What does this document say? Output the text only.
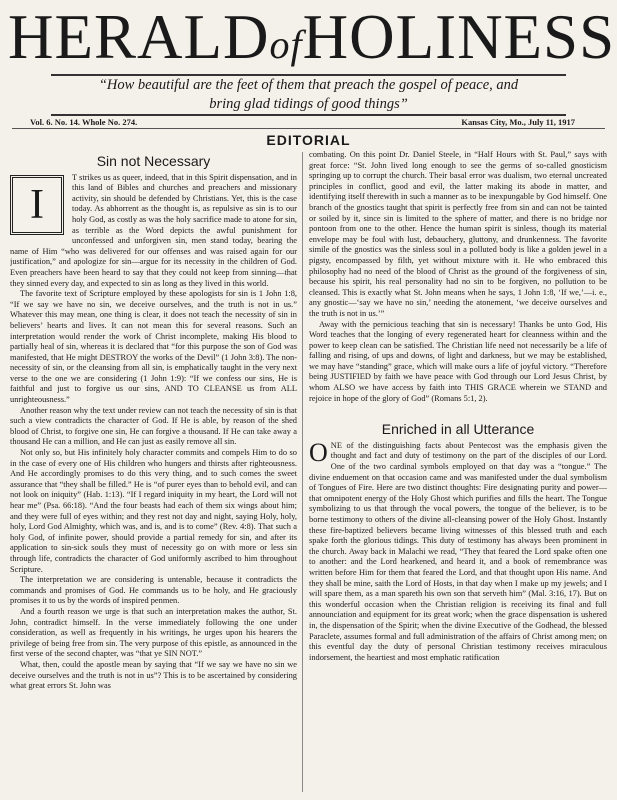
HERALDofHOLINESS
“How beautiful are the feet of them that preach the gospel of peace, and
bring glad tidings of good things”
Vol. 6. No. 14. Whole No. 274.	Kansas City, Mo., July 11, 1917
EDITORIAL
Sin not Necessary

I
T strikes us as queer, indeed, that in this Spirit dispensation, and in this land of Bibles and churches and preachers and missionary activity, sin should be defended by Christians. Yet, this is the case today. As abhorrent as the thought is, as repulsive as sin is to our holy God, as costly as was the holy sacrifice made to atone for sin, as terrible as the Word depicts the awful punishment for unconfessed and unforgiven sin, men stand today, bearing the name of Him “who was delivered for our offenses and was raised again for our justification,” and apologize for sin—argue for its necessity in the children of God. Even preachers have been heard to say that they could not keep from sinning—that they sinned every day, and expected to sin as long as they lived in this world.

The favorite text of Scripture employed by these apologists for sin is 1 John 1:8, “If we say we have no sin, we deceive ourselves, and the truth is not in us.” Whatever this may mean, one thing is clear, it does not teach the necessity of sin in believers’ hearts and lives. It can not mean this for several reasons. Such an interpretation would render the work of Christ incomplete, making His blood to partially heal of sin, whereas it is declared that “for this purpose the son of God was manifested, that He might DESTROY the works of the Devil” (1 John 3:8). The non-necessity of sin, or the cleansing from all sin, is emphatically taught in the very next verse to the one we are considering (1 John 1:9): “If we confess our sins, He is faithful and just to forgive us our sins, AND TO CLEANSE us from ALL unrighteousness.”

Another reason why the text under review can not teach the necessity of sin is that such a view contradicts the character of God. If He is able, by reason of the shed blood of Christ, to forgive one sin, He can forgive a thousand. If He can take away a thousand He can a million, and He can just as easily remove all sin.

Not only so, but His infinitely holy character commits and compels Him to do so in the case of every one of His children who hungers and thirsts after righteousness. And He accordingly promises to do this very thing, and to such comes the sweet assurance that “they shall be filled.” He is “of purer eyes than to behold evil, and can not look on iniquity” (Hab. 1:13). “If I regard iniquity in my heart, the Lord will not hear me” (Psa. 66:18). “And the four beasts had each of them six wings about him; and they were full of eyes within; and they rest not day and night, saying Holy, holy, holy, Lord God Almighty, which was, and is, and is to come” (Rev. 4:8). That such a holy God, of infinite power, should provide a partial remedy for sin, and after its application to sin-sick souls they must of necessity go on with more or less sin through life, contradicts the character of God uniformly ascribed to him throughout Scripture.

The interpretation we are considering is untenable, because it contradicts the commands and promises of God. He commands us to be holy, and He graciously promises it to us by the words of inspired penmen.

And a fourth reason we urge is that such an interpretation makes the author, St. John, contradict himself. In the verse immediately following the one under consideration, as well as frequently in his writings, he urges upon his hearers the privilege of being free from sin. The very purpose of this epistle, as announced in the first verse of the second chapter, was “that ye SIN NOT.”

What, then, could the apostle mean by saying that “If we say we have no sin we deceive ourselves and the truth is not in us”? This is to be ascertained by considering what great errors St. John was

combating. On this point Dr. Daniel Steele, in “Half Hours with St. Paul,” says with great force: “St. John lived long enough to see the germs of so-called gnosticism springing up to corrupt the church. Their basal error was dualism, two eternal uncreated principles in conflict, good and evil, the latter making its abode in matter, and identifying itself therewith in such a manner as to be inexpungable by God himself. One branch of the gnostics taught that spirit is perfectly free from sin and can not be tainted or soiled by it, since sin is limited to the sphere of matter, and there is no bridge nor pontoon from one to the other. Hence the human spirit is sinless, though its material envelope may be foul with lust, debauchery, gluttony, and drunkenness. The favorite simile of the gnostics was the sinless soul in a polluted body is like a golden jewel in a pigsty, encompassed by filth, yet without mixture with it. He who embraced this philosophy had no need of the blood of Christ as the ground of the forgiveness of sin, because his spirit, his real personality had no sin to be forgiven, no pollution to be cleansed. This is exactly what St. John means when he says, 1 John 1:8, ‘If we,’—i. e., any gnostic—‘say we have no sin,’ needing the atonement, ‘we deceive ourselves and the truth is not in us.’”

Away with the pernicious teaching that sin is necessary! Thanks be unto God, His Word teaches that the longing of every regenerated heart for cleanness within and the power to keep clean can be satisfied. The Christian life need not necessarily be a life of falling and rising, of ups and downs, of light and darkness, but we may be established, we may have “standing” grace, which will make ours a life of joyful victory. “Therefore being JUSTIFIED by faith we have peace with God through our Lord Jesus Christ, by whom ALSO we have access by faith into THIS GRACE wherein we STAND and rejoice in hope of the glory of God” (Romans 5:1, 2).

Enriched in all Utterance

ONE of the distinguishing facts about Pentecost was the emphasis given the thought and fact and duty of testimony on the part of the disciples of our Lord. One of the two cardinal symbols employed on that day was a “tongue.” The divine enduement on that occasion came and was manifested under the dual symbolism of Tongues of Fire. Here are two distinct thoughts: Fire designating purity and power—that omnipotent energy of the Holy Ghost which purifies and fills the heart. The Tongue symbolizing to us that through the vocal powers, the tongue of the believer, is to be borne testimony to others of the divine all-cleansing power of the Holy Ghost. Instantly these fire-baptized believers became living witnesses of this blessed truth and each spake forth the glorious tidings. This duty of testimony has always been prominent in the church. Away back in Malachi we read, “They that feared the Lord spake often one to another: and the Lord hearkened, and heard it, and a book of remembrance was written before Him for them that feared the Lord, and that thought upon His name. And they shall be mine, saith the Lord of Hosts, in that day when I make up my jewels; and I will spare them, as a man spareth his own son that serveth him” (Mal. 3:16, 17). But on this wonderful occasion when the Christian religion is receiving its final and full announciation and equipment for its great work; when the grace dispensation is ushered in, the dispensation of the Spirit; when the divine Executive of the Godhead, the blessed Paraclete, assumes formal and full administration of the affairs of Christ among men; on this eventful day the duty of personal Christian testimony receives miraculous indorsement, the heartiest and most emphatic ratification
